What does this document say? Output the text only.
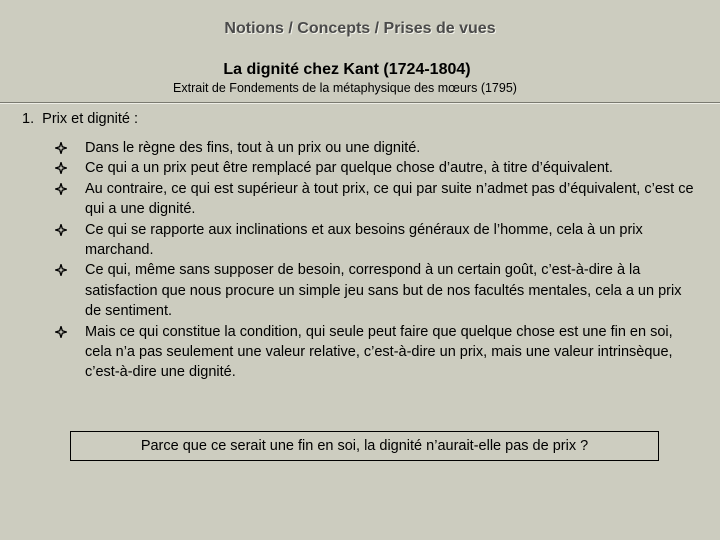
Notions / Concepts / Prises de vues
La dignité chez Kant (1724-1804)
Extrait de Fondements de la métaphysique des mœurs (1795)
1.  Prix et dignité :
Dans le règne des fins, tout à un prix ou une dignité.
Ce qui a un prix peut être remplacé par quelque chose d’autre, à titre d’équivalent.
Au contraire, ce qui est supérieur à tout prix, ce qui par suite n’admet pas d’équivalent, c’est ce qui a une dignité.
Ce qui se rapporte aux inclinations et aux besoins généraux de l’homme, cela à un prix marchand.
Ce qui, même sans supposer de besoin, correspond à un certain goût, c’est-à-dire à la satisfaction que nous procure un simple jeu sans but de nos facultés mentales, cela a un prix de sentiment.
Mais ce qui constitue la condition, qui seule peut faire que quelque chose est une fin en soi, cela n’a pas seulement une valeur relative, c’est-à-dire un prix, mais une valeur intrinsèque, c’est-à-dire une dignité.
Parce que ce serait une fin en soi, la dignité n’aurait-elle pas de prix ?
